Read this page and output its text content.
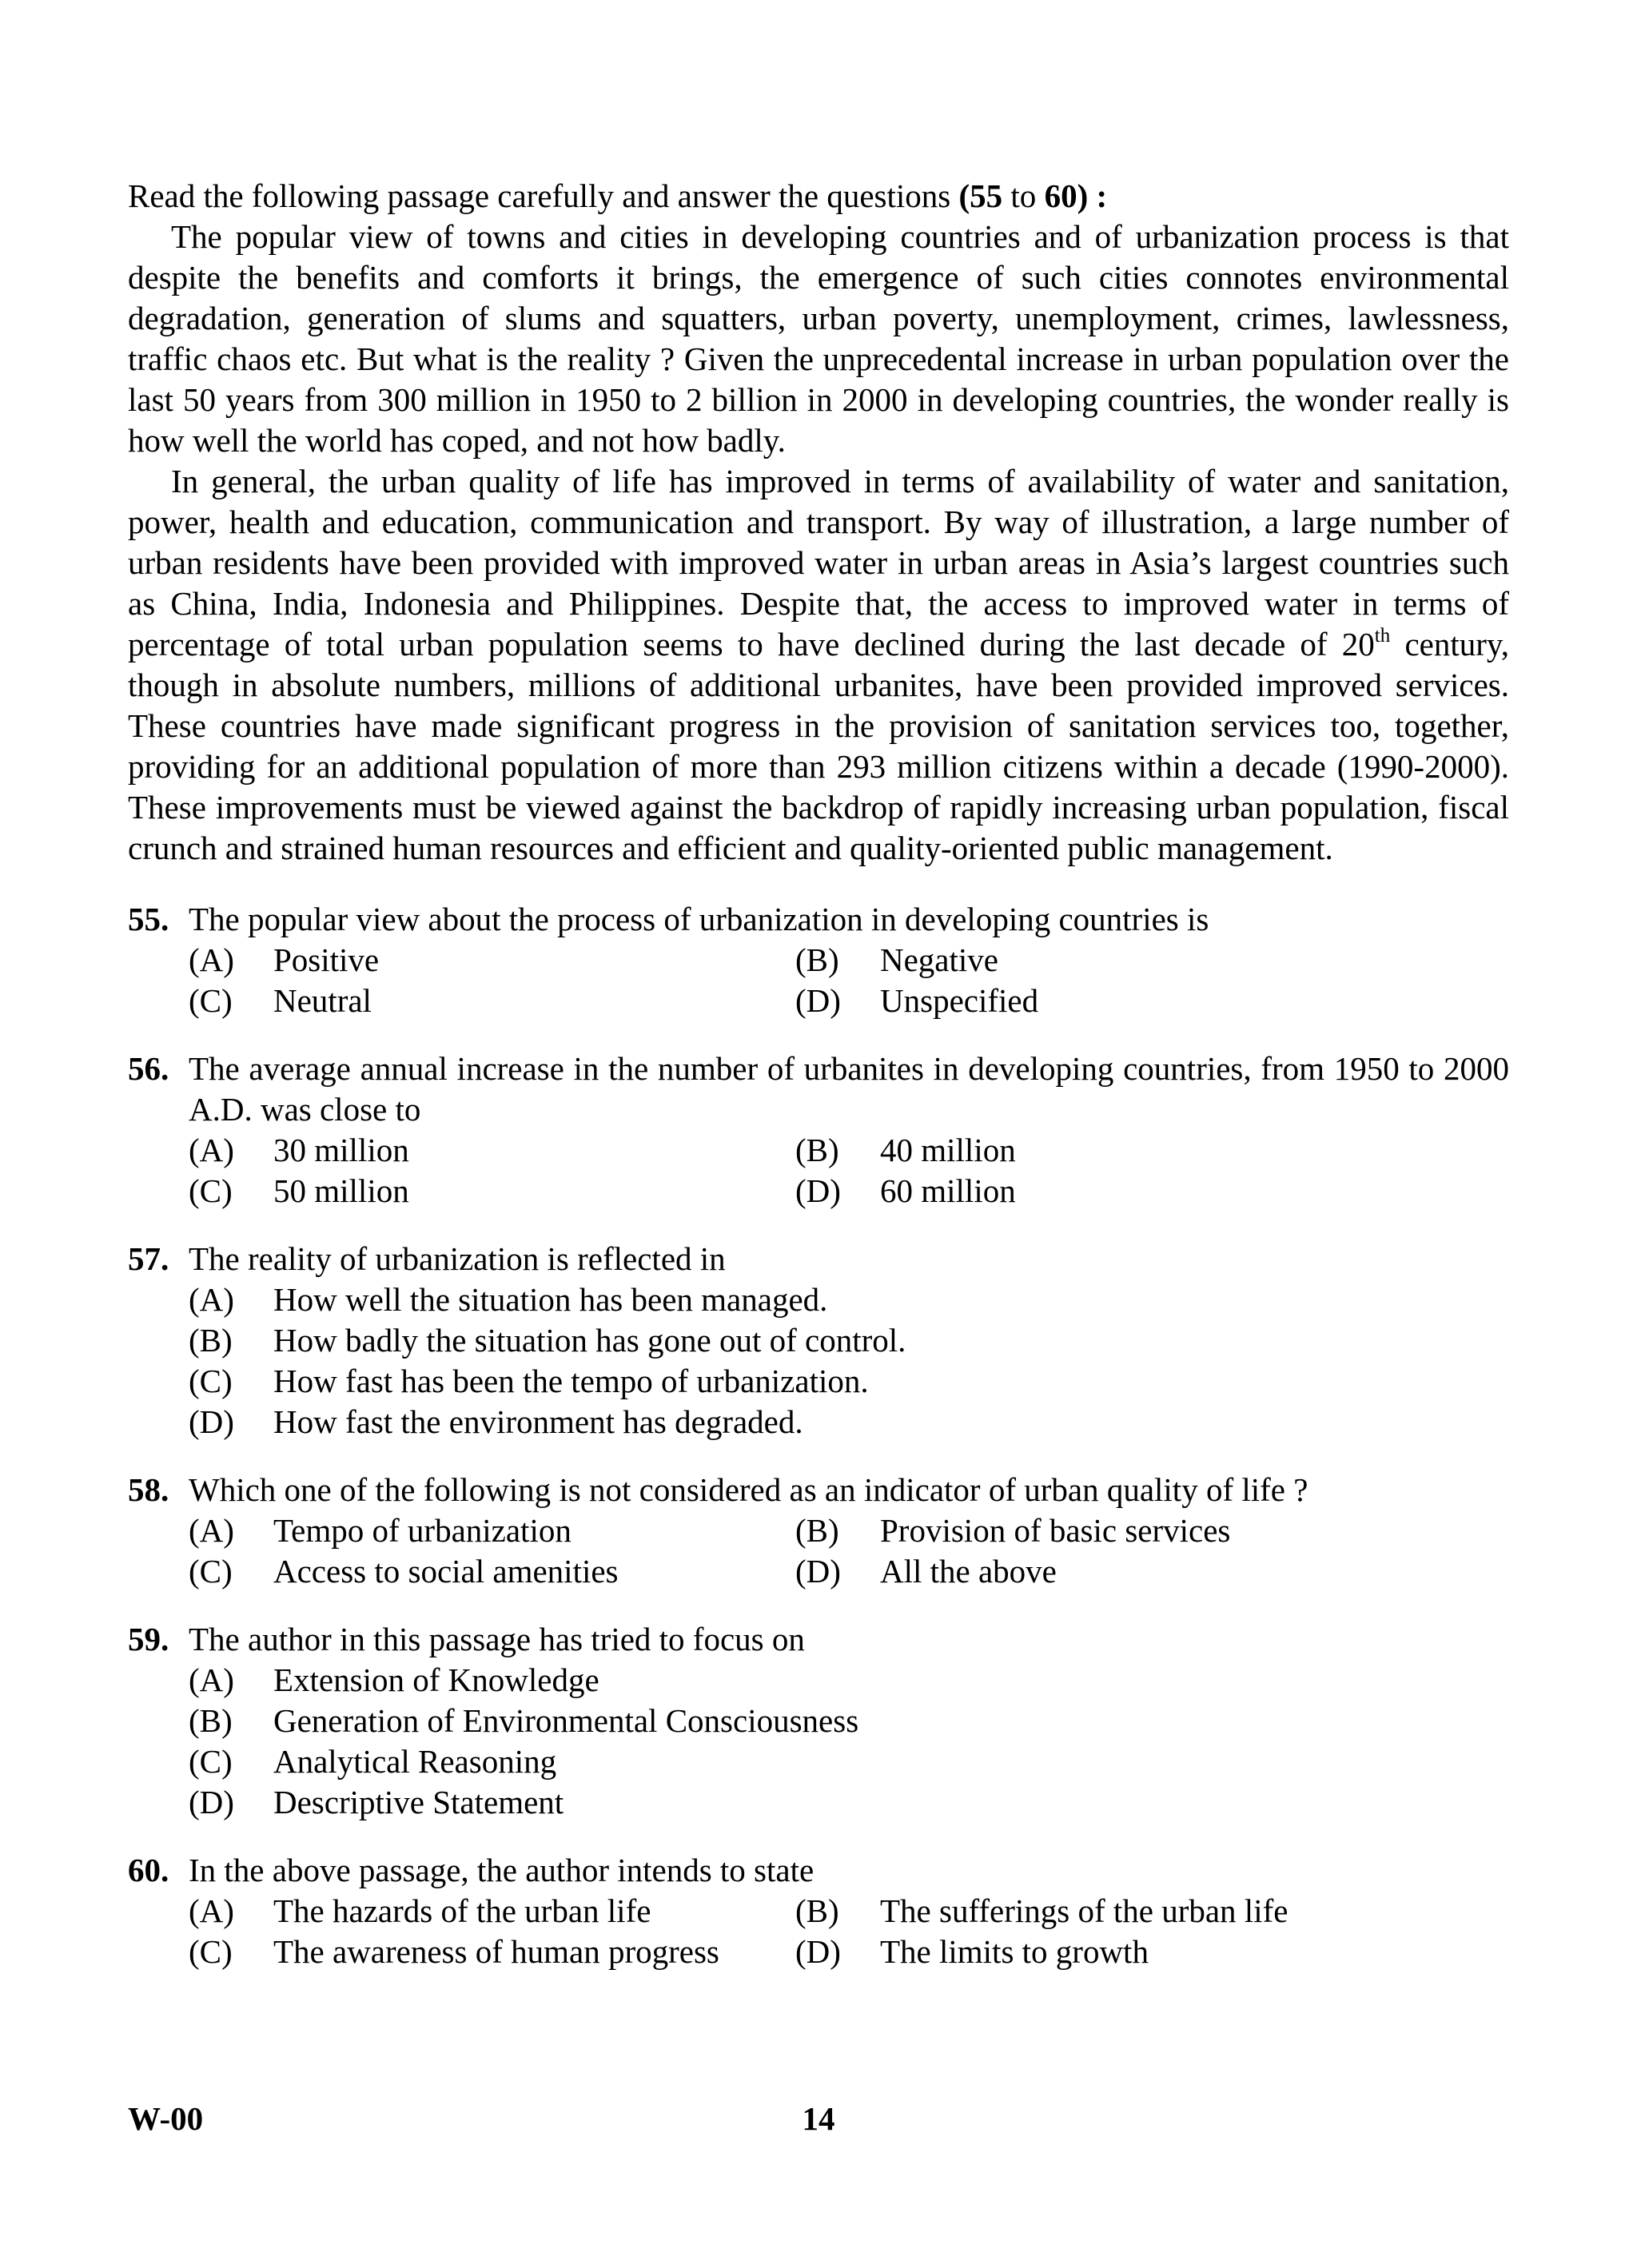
Read the following passage carefully and answer the questions (55 to 60) :

The popular view of towns and cities in developing countries and of urbanization process is that despite the benefits and comforts it brings, the emergence of such cities connotes environmental degradation, generation of slums and squatters, urban poverty, unemployment, crimes, lawlessness, traffic chaos etc. But what is the reality ? Given the unprecedental increase in urban population over the last 50 years from 300 million in 1950 to 2 billion in 2000 in developing countries, the wonder really is how well the world has coped, and not how badly.

In general, the urban quality of life has improved in terms of availability of water and sanitation, power, health and education, communication and transport. By way of illustration, a large number of urban residents have been provided with improved water in urban areas in Asia’s largest countries such as China, India, Indonesia and Philippines. Despite that, the access to improved water in terms of percentage of total urban population seems to have declined during the last decade of 20th century, though in absolute numbers, millions of additional urbanites, have been provided improved services. These countries have made significant progress in the provision of sanitation services too, together, providing for an additional population of more than 293 million citizens within a decade (1990-2000). These improvements must be viewed against the backdrop of rapidly increasing urban population, fiscal crunch and strained human resources and efficient and quality-oriented public management.

55. The popular view about the process of urbanization in developing countries is
(A)	Positive	(B)	Negative
(C)	Neutral	(D)	Unspecified
56. The average annual increase in the number of urbanites in developing countries, from 1950 to 2000 A.D. was close to
(A)	30 million	(B)	40 million
(C)	50 million	(D)	60 million
57. The reality of urbanization is reflected in
(A)	How well the situation has been managed.
(B)	How badly the situation has gone out of control.
(C)	How fast has been the tempo of urbanization.
(D)	How fast the environment has degraded.
58. Which one of the following is not considered as an indicator of urban quality of life ?
(A)	Tempo of urbanization	(B)	Provision of basic services
(C)	Access to social amenities	(D)	All the above
59. The author in this passage has tried to focus on
(A)	Extension of Knowledge
(B)	Generation of Environmental Consciousness
(C)	Analytical Reasoning
(D)	Descriptive Statement
60. In the above passage, the author intends to state
(A)	The hazards of the urban life	(B)	The sufferings of the urban life
(C)	The awareness of human progress	(D)	The limits to growth
14
W-00
